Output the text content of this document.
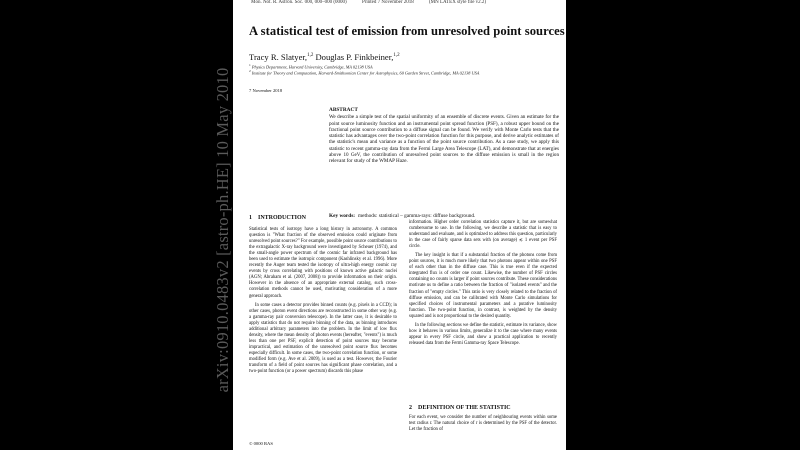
arXiv:0910.0483v2 [astro-ph.HE] 10 May 2010
Mon. Not. R. Astron. Soc. 000, 000–000 (0000)	Printed 7 November 2018	(MN LATEX style file v2.2)
A statistical test of emission from unresolved point sources
Tracy R. Slatyer,$^{1,2}$ Douglas P. Finkbeiner,$^{1,2}$
$^1$ Physics Department, Harvard University, Cambridge, MA 02138 USA
$^2$ Institute for Theory and Computation, Harvard-Smithsonian Center for Astrophysics, 60 Garden Street, Cambridge, MA 02138 USA
7 November 2018
ABSTRACT
We describe a simple test of the spatial uniformity of an ensemble of discrete events. Given an estimate for the point source luminosity function and an instrumental point spread function (PSF), a robust upper bound on the fractional point source contribution to a diffuse signal can be found. We verify with Monte Carlo tests that the statistic has advantages over the two-point correlation function for this purpose, and derive analytic estimates of the statistic's mean and variance as a function of the point source contribution. As a case study, we apply this statistic to recent gamma-ray data from the Fermi Large Area Telescope (LAT), and demonstrate that at energies above 10 GeV, the contribution of unresolved point sources to the diffuse emission is small in the region relevant for study of the WMAP Haze.
Key words: methods: statistical – gamma-rays: diffuse background.
1 INTRODUCTION

Statistical tests of isotropy have a long history in astronomy. A common question is "What fraction of the observed emission could originate from unresolved point sources?" For example, possible point source contributions to the extragalactic X-ray background were investigated by Scheuer (1974), and the small-angle power spectrum of the cosmic far infrared background has been used to estimate the isotropic component (Kashlinsky et al. 1996). More recently the Auger team tested the isotropy of ultra-high energy cosmic ray events by cross correlating with positions of known active galactic nuclei (AGN; Abraham et al. (2007, 2008)) to provide information on their origin. However in the absence of an appropriate external catalog, such cross-correlation methods cannot be used, motivating consideration of a more general approach.

In some cases a detector provides binned counts (e.g. pixels in a CCD); in other cases, photon event directions are reconstructed in some other way (e.g. a gamma-ray pair conversion telescope). In the latter case, it is desirable to apply statistics that do not require binning of the data, as binning introduces additional arbitrary parameters into the problem. In the limit of low flux density, where the mean density of photon events (hereafter, "events") is much less than one per PSF, explicit detection of point sources may become impractical, and estimation of the unresolved point source flux becomes especially difficult. In some cases, the two-point correlation function, or some modified form (e.g. Ave et al. 2009), is used as a test. However, the Fourier transform of a field of point sources has significant phase correlation, and a two-point function (or a power spectrum) discards this phase

information. Higher order correlation statistics capture it, but are somewhat cumbersome to use. In the following, we describe a statistic that is easy to understand and evaluate, and is optimized to address this question, particularly in the case of fairly sparse data sets with (on average) ≲ 1 event per PSF circle.

The key insight is that if a substantial fraction of the photons come from point sources, it is much more likely that two photons appear within one PSF of each other than in the diffuse case. This is true even if the expected integrated flux is of order one count. Likewise, the number of PSF circles containing no counts is larger if point sources contribute. These considerations motivate us to define a ratio between the fraction of "isolated events" and the fraction of "empty circles." This ratio is very closely related to the fraction of diffuse emission, and can be calibrated with Monte Carlo simulations for specified choices of instrumental parameters and a putative luminosity function. The two-point function, in contrast, is weighted by the density squared and is not proportional to the desired quantity.

In the following sections we define the statistic, estimate its variance, show how it behaves in various limits, generalize it to the case where many events appear in every PSF circle, and show a practical application to recently released data from the Fermi Gamma-ray Space Telescope.

2 DEFINITION OF THE STATISTIC

For each event, we consider the number of neighbouring events within some test radius r. The natural choice of r is determined by the PSF of the detector. Let the fraction of

© 0000 RAS
